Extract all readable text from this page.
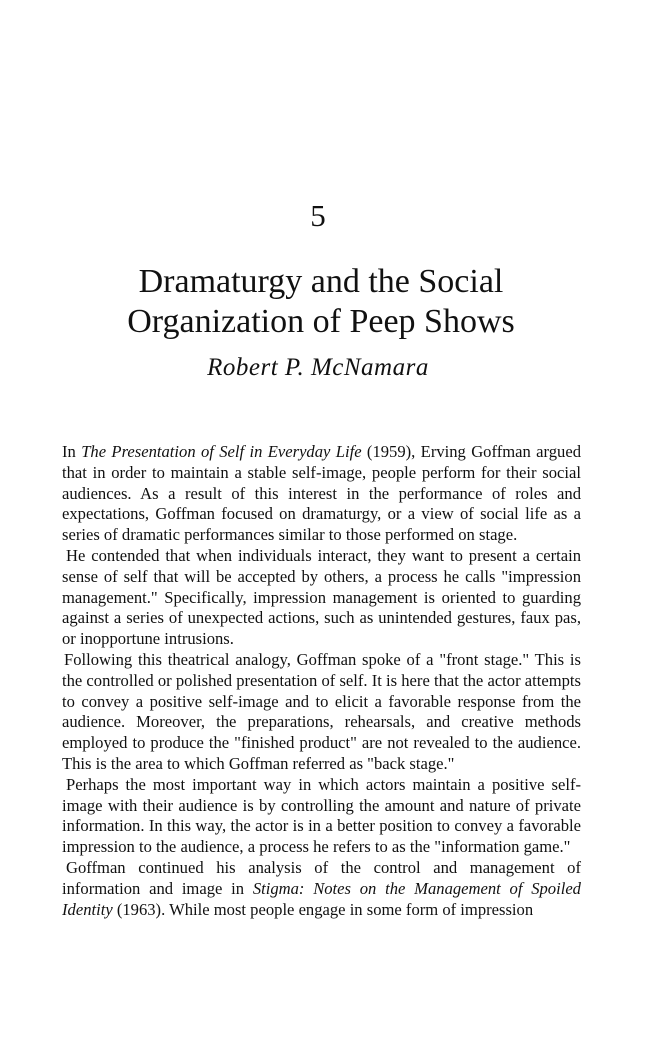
5
Dramaturgy and the Social
Organization of Peep Shows
Robert P. McNamara

In The Presentation of Self in Everyday Life (1959), Erving Goffman argued that in order to maintain a stable self-image, people perform for their social audiences. As a result of this interest in the performance of roles and expectations, Goffman focused on dramaturgy, or a view of social life as a series of dramatic performances similar to those performed on stage.

He contended that when individuals interact, they want to present a certain sense of self that will be accepted by others, a process he calls "impression management." Specifically, impression management is oriented to guarding against a series of unexpected actions, such as unintended gestures, faux pas, or inopportune intrusions.

Following this theatrical analogy, Goffman spoke of a "front stage." This is the controlled or polished presentation of self. It is here that the actor attempts to convey a positive self-image and to elicit a favorable response from the audience. Moreover, the preparations, rehearsals, and creative methods employed to produce the "finished product" are not revealed to the audience. This is the area to which Goffman referred as "back stage."

Perhaps the most important way in which actors maintain a positive self-image with their audience is by controlling the amount and nature of private information. In this way, the actor is in a better position to convey a favorable impression to the audience, a process he refers to as the "information game."

Goffman continued his analysis of the control and management of information and image in Stigma: Notes on the Management of Spoiled Identity (1963). While most people engage in some form of impression
